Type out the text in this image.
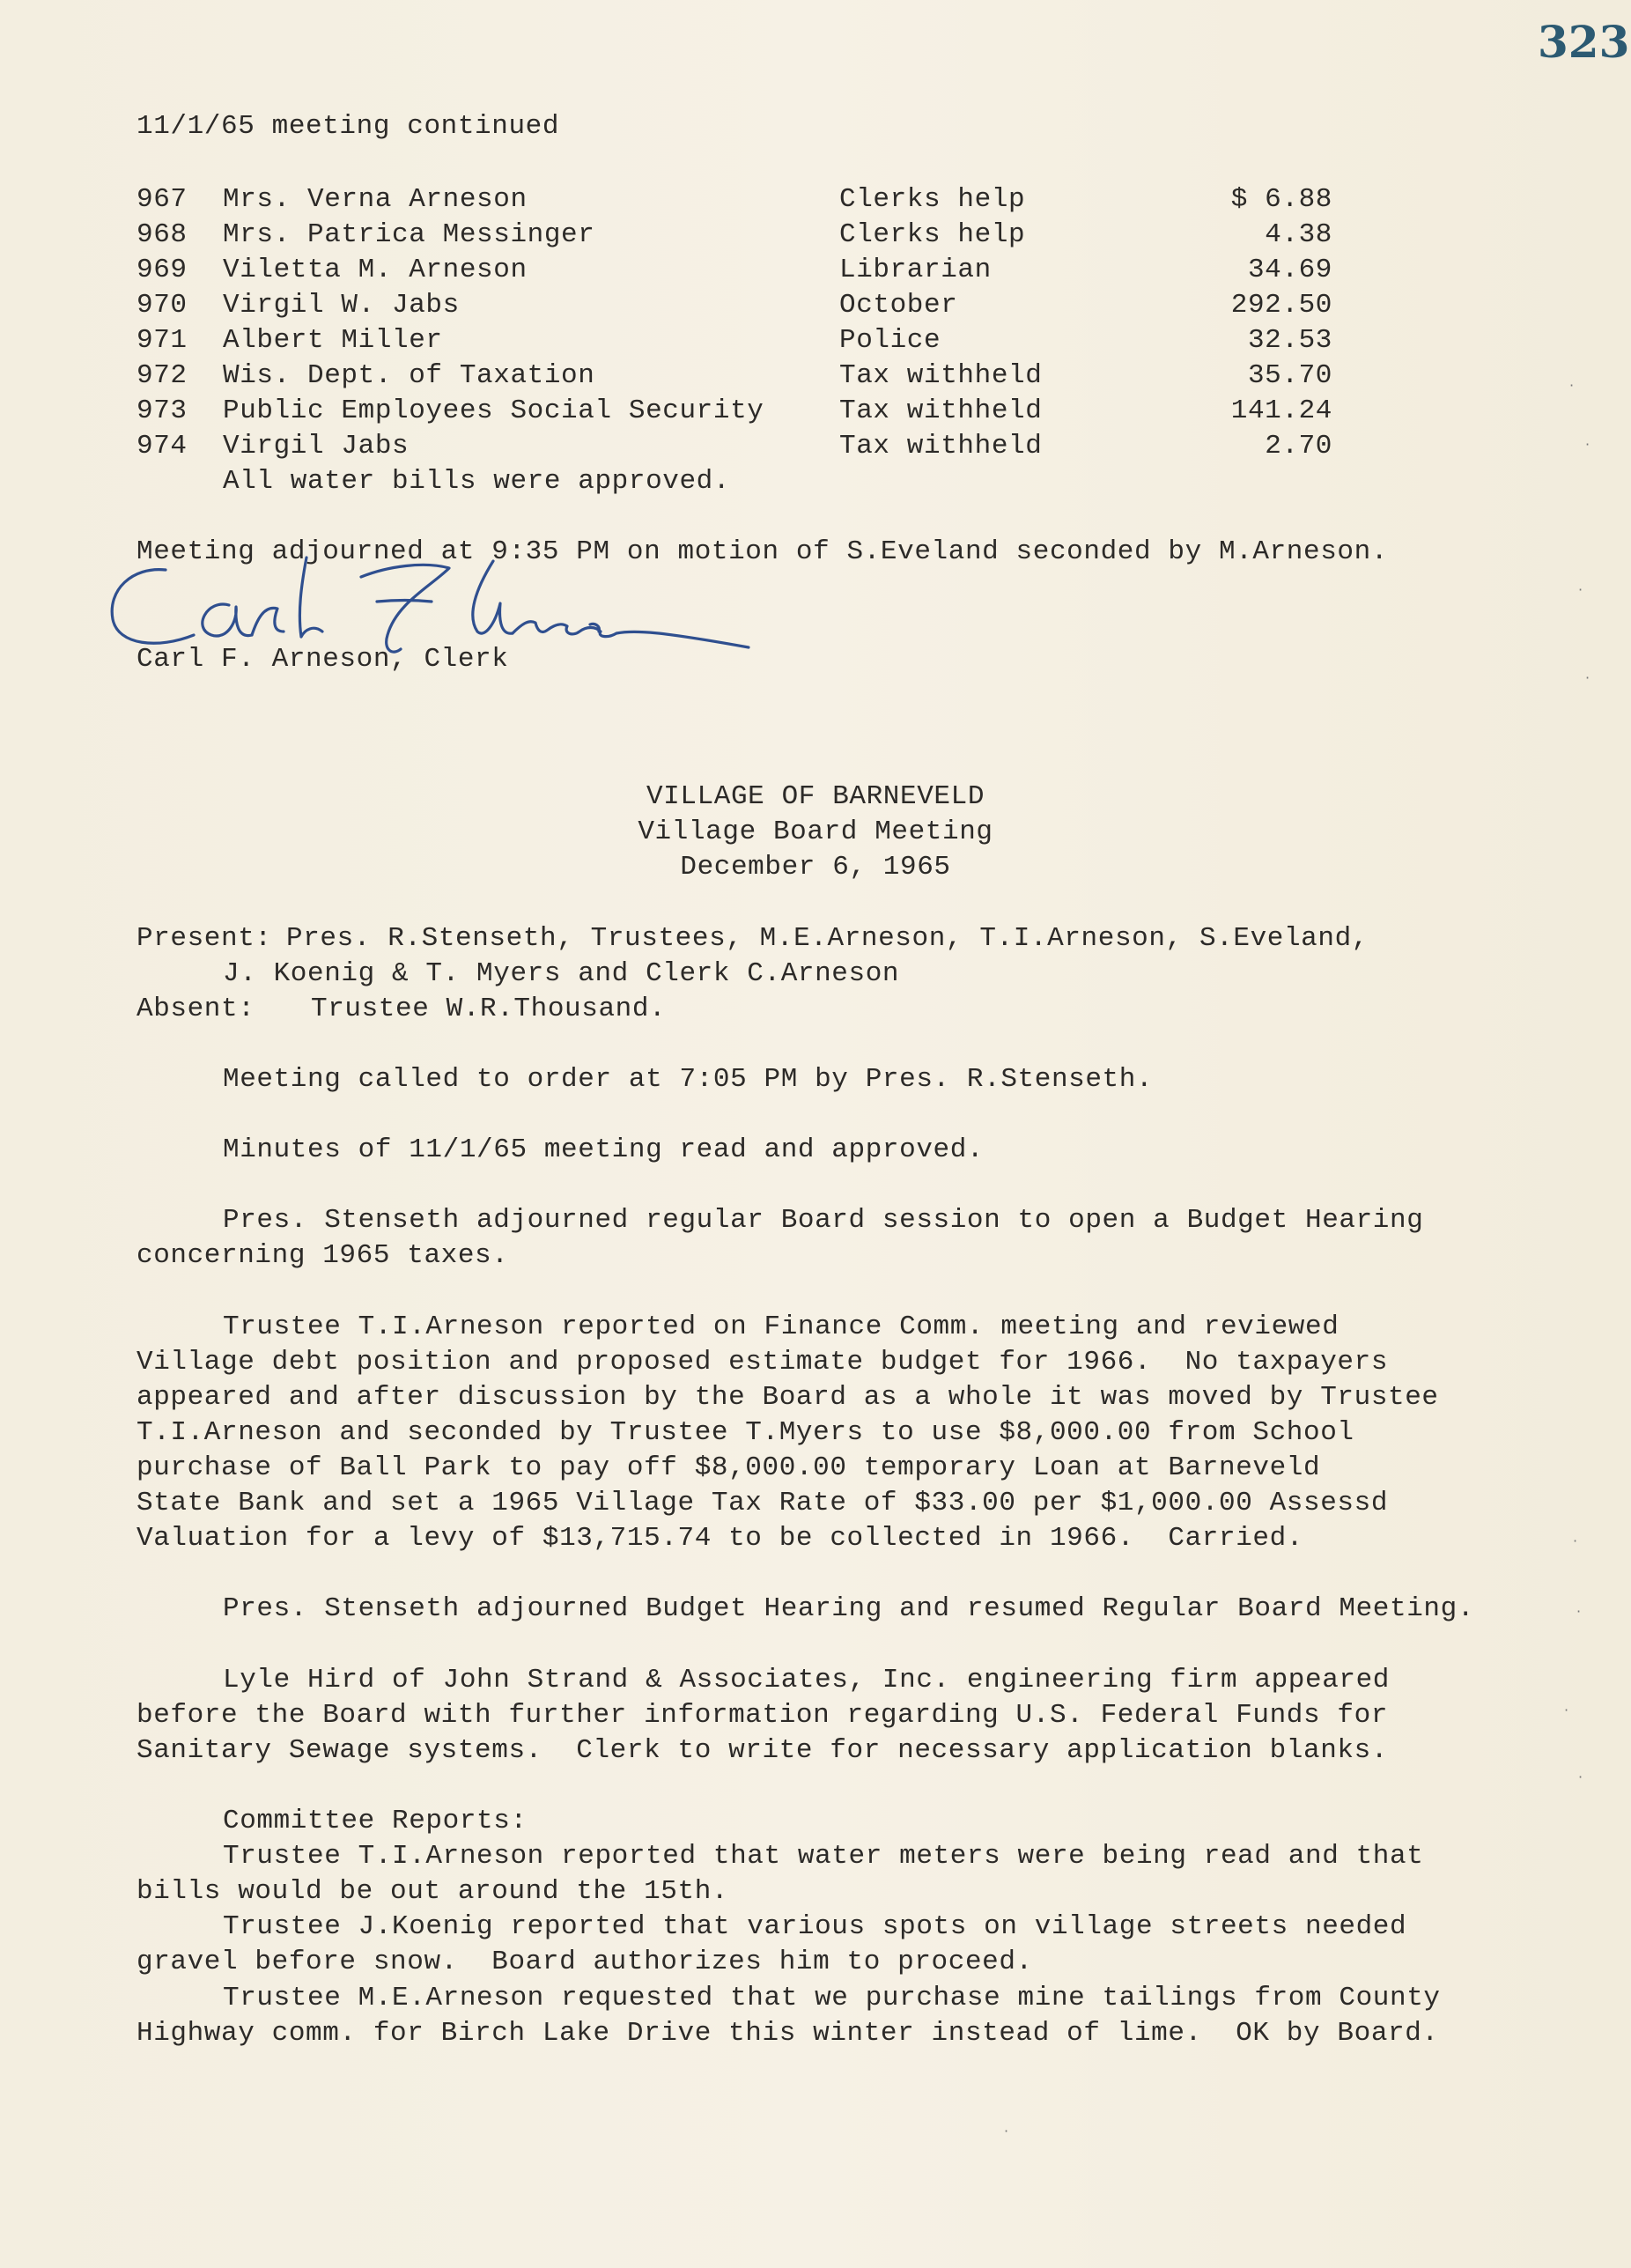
323
11/1/65 meeting continued
967 Mrs. Verna Arneson	Clerks help	$ 6.88
968 Mrs. Patrica Messinger	Clerks help	4.38
969 Viletta M. Arneson	Librarian	34.69
970 Virgil W. Jabs	October	292.50
971 Albert Miller	Police	32.53
972 Wis. Dept. of Taxation	Tax withheld	35.70
973 Public Employees Social Security	Tax withheld	141.24
974 Virgil Jabs	Tax withheld	2.70
All water bills were approved.
Meeting adjourned at 9:35 PM on motion of S.Eveland seconded by M.Arneson.
Carl F. Arneson, Clerk
VILLAGE OF BARNEVELD
Village Board Meeting
December 6, 1965
Present: Pres. R.Stenseth, Trustees, M.E.Arneson, T.I.Arneson, S.Eveland,
J. Koenig & T. Myers and Clerk C.Arneson
Absent: Trustee W.R.Thousand.
Meeting called to order at 7:05 PM by Pres. R.Stenseth.
Minutes of 11/1/65 meeting read and approved.
Pres. Stenseth adjourned regular Board session to open a Budget Hearing
concerning 1965 taxes.
Trustee T.I.Arneson reported on Finance Comm. meeting and reviewed
Village debt position and proposed estimate budget for 1966.  No taxpayers
appeared and after discussion by the Board as a whole it was moved by Trustee
T.I.Arneson and seconded by Trustee T.Myers to use $8,000.00 from School
purchase of Ball Park to pay off $8,000.00 temporary Loan at Barneveld
State Bank and set a 1965 Village Tax Rate of $33.00 per $1,000.00 Assessd
Valuation for a levy of $13,715.74 to be collected in 1966.  Carried.
Pres. Stenseth adjourned Budget Hearing and resumed Regular Board Meeting.
Lyle Hird of John Strand & Associates, Inc. engineering firm appeared
before the Board with further information regarding U.S. Federal Funds for
Sanitary Sewage systems.  Clerk to write for necessary application blanks.
Committee Reports:
Trustee T.I.Arneson reported that water meters were being read and that
bills would be out around the 15th.
Trustee J.Koenig reported that various spots on village streets needed
gravel before snow.  Board authorizes him to proceed.
Trustee M.E.Arneson requested that we purchase mine tailings from County
Highway comm. for Birch Lake Drive this winter instead of lime.  OK by Board.
·
·
·
·
·
·
·
·
·
